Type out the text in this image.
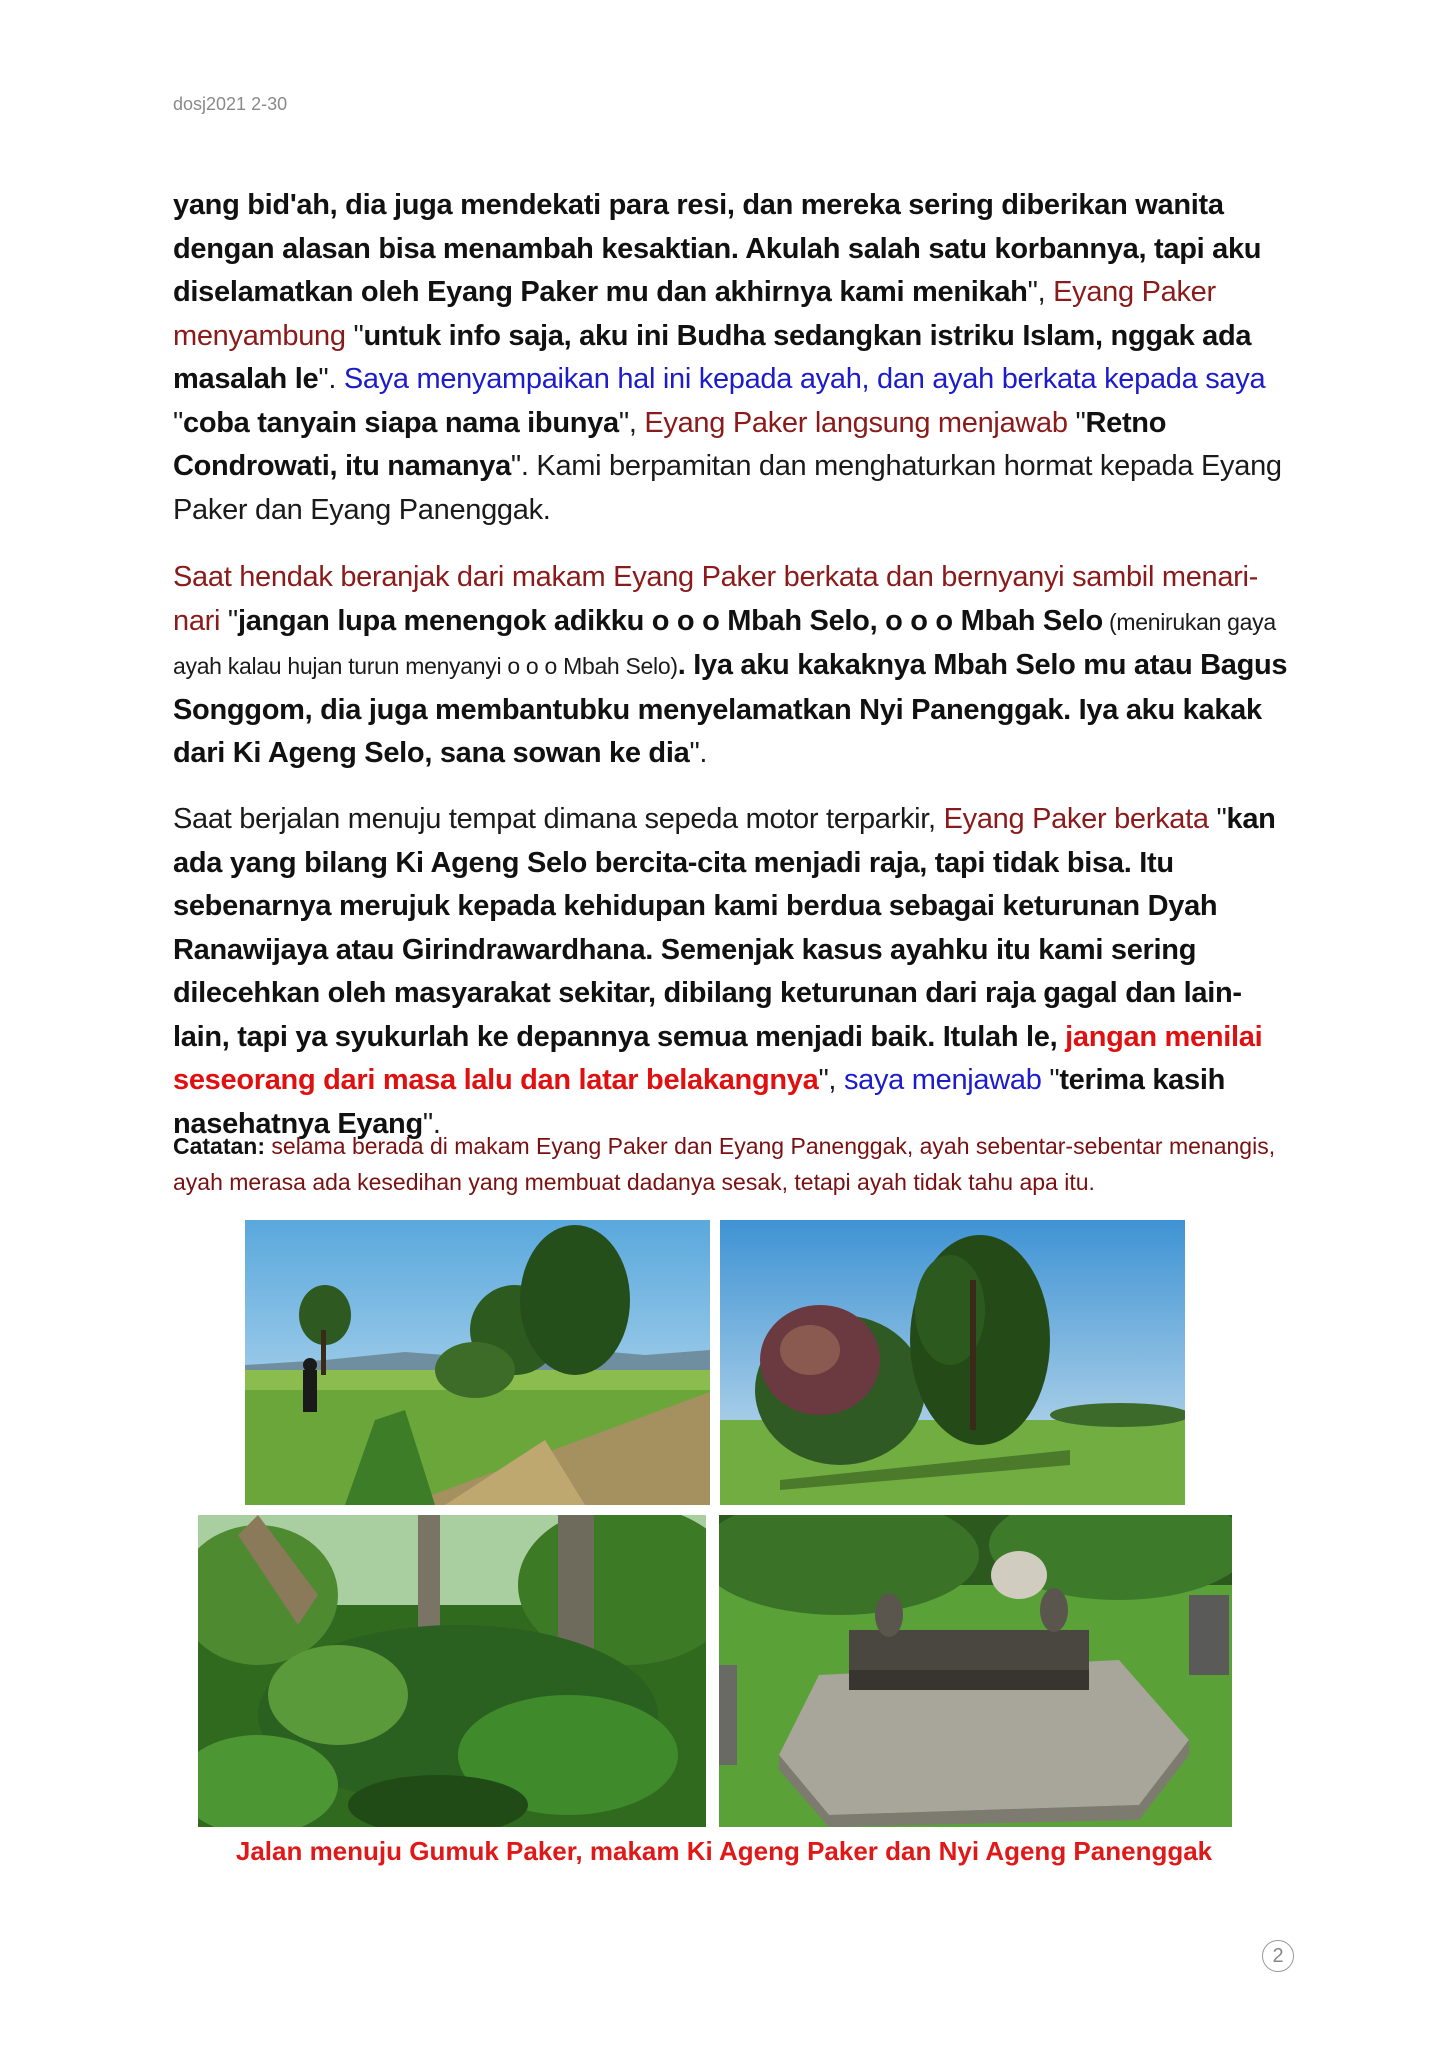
dosj2021 2-30
yang bid'ah, dia juga mendekati para resi, dan mereka sering diberikan wanita dengan alasan bisa menambah kesaktian. Akulah salah satu korbannya, tapi aku diselamatkan oleh Eyang Paker mu dan akhirnya kami menikah", Eyang Paker menyambung "untuk info saja, aku ini Budha sedangkan istriku Islam, nggak ada masalah le". Saya menyampaikan hal ini kepada ayah, dan ayah berkata kepada saya "coba tanyain siapa nama ibunya", Eyang Paker langsung menjawab "Retno Condrowati, itu namanya". Kami berpamitan dan menghaturkan hormat kepada Eyang Paker dan Eyang Panenggak.
Saat hendak beranjak dari makam Eyang Paker berkata dan bernyanyi sambil menari-nari "jangan lupa menengok adikku o o o Mbah Selo, o o o Mbah Selo (menirukan gaya ayah kalau hujan turun menyanyi o o o Mbah Selo). Iya aku kakaknya Mbah Selo mu atau Bagus Songgom, dia juga membantubku menyelamatkan Nyi Panenggak. Iya aku kakak dari Ki Ageng Selo, sana sowan ke dia".
Saat berjalan menuju tempat dimana sepeda motor terparkir, Eyang Paker berkata "kan ada yang bilang Ki Ageng Selo bercita-cita menjadi raja, tapi tidak bisa. Itu sebenarnya merujuk kepada kehidupan kami berdua sebagai keturunan Dyah Ranawijaya atau Girindrawardhana. Semenjak kasus ayahku itu kami sering dilecehkan oleh masyarakat sekitar, dibilang keturunan dari raja gagal dan lain-lain, tapi ya syukurlah ke depannya semua menjadi baik. Itulah le, jangan menilai seseorang dari masa lalu dan latar belakangnya", saya menjawab "terima kasih nasehatnya Eyang".
Catatan: selama berada di makam Eyang Paker dan Eyang Panenggak, ayah sebentar-sebentar menangis, ayah merasa ada kesedihan yang membuat dadanya sesak, tetapi ayah tidak tahu apa itu.
Jalan menuju Gumuk Paker, makam Ki Ageng Paker dan Nyi Ageng Panenggak
2
